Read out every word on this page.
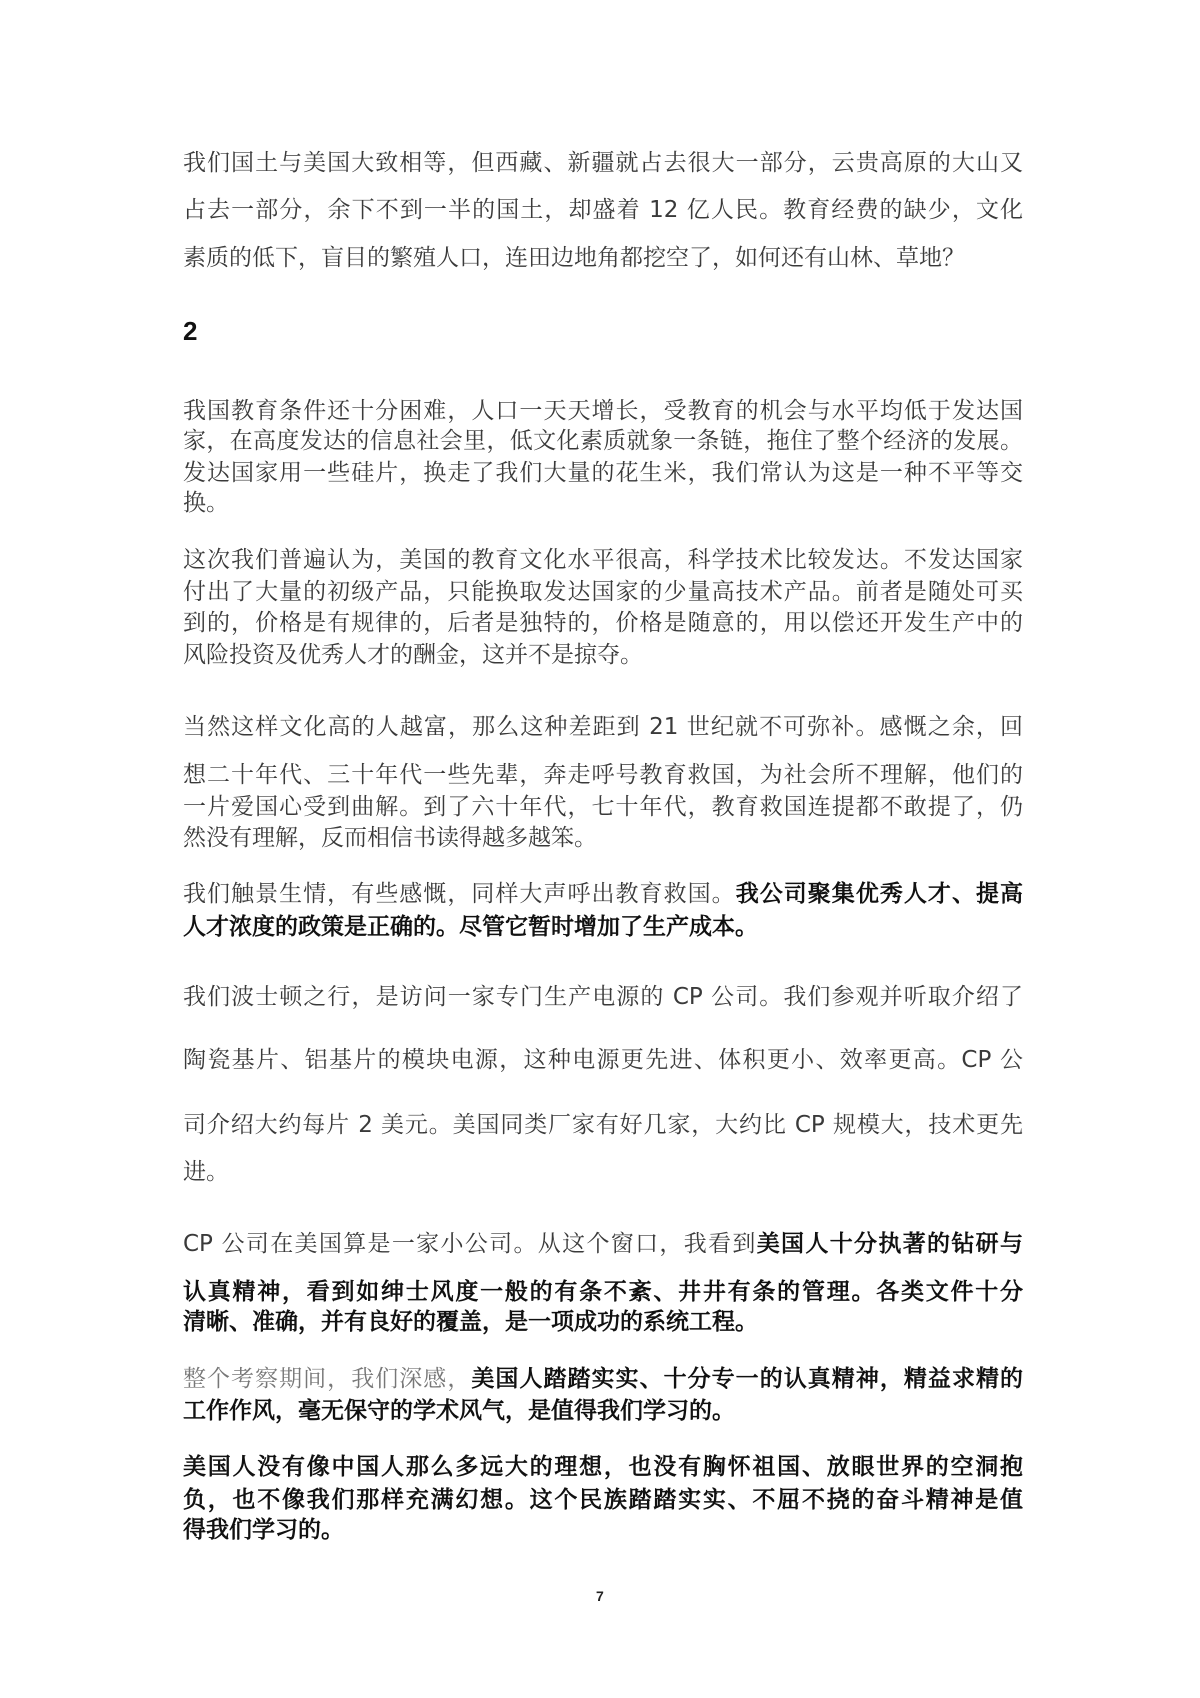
2
7
我们国土与美国大致相等，但西藏、新疆就占去很大一部分，云贵高原的大山又
占去一部分，余下不到一半的国土，却盛着 12 亿人民。教育经费的缺少，文化
素质的低下，盲目的繁殖人口，连田边地角都挖空了，如何还有山林、草地？
我国教育条件还十分困难，人口一天天增长，受教育的机会与水平均低于发达国
家，在高度发达的信息社会里，低文化素质就象一条链，拖住了整个经济的发展。
发达国家用一些硅片，换走了我们大量的花生米，我们常认为这是一种不平等交
换。
这次我们普遍认为，美国的教育文化水平很高，科学技术比较发达。不发达国家
付出了大量的初级产品，只能换取发达国家的少量高技术产品。前者是随处可买
到的，价格是有规律的，后者是独特的，价格是随意的，用以偿还开发生产中的
风险投资及优秀人才的酬金，这并不是掠夺。
当然这样文化高的人越富，那么这种差距到 21 世纪就不可弥补。感慨之余，回
想二十年代、三十年代一些先辈，奔走呼号教育救国，为社会所不理解，他们的
一片爱国心受到曲解。到了六十年代，七十年代，教育救国连提都不敢提了，仍
然没有理解，反而相信书读得越多越笨。
我们触景生情，有些感慨，同样大声呼出教育救国。我公司聚集优秀人才、提高
人才浓度的政策是正确的。尽管它暂时增加了生产成本。
我们波士顿之行，是访问一家专门生产电源的 CP 公司。我们参观并听取介绍了
陶瓷基片、铝基片的模块电源，这种电源更先进、体积更小、效率更高。CP 公
司介绍大约每片 2 美元。美国同类厂家有好几家，大约比 CP 规模大，技术更先
进。
CP 公司在美国算是一家小公司。从这个窗口，我看到美国人十分执著的钻研与
认真精神，看到如绅士风度一般的有条不紊、井井有条的管理。各类文件十分
清晰、准确，并有良好的覆盖，是一项成功的系统工程。
整个考察期间，我们深感，美国人踏踏实实、十分专一的认真精神，精益求精的
工作作风，毫无保守的学术风气，是值得我们学习的。
美国人没有像中国人那么多远大的理想，也没有胸怀祖国、放眼世界的空洞抱
负，也不像我们那样充满幻想。这个民族踏踏实实、不屈不挠的奋斗精神是值
得我们学习的。
